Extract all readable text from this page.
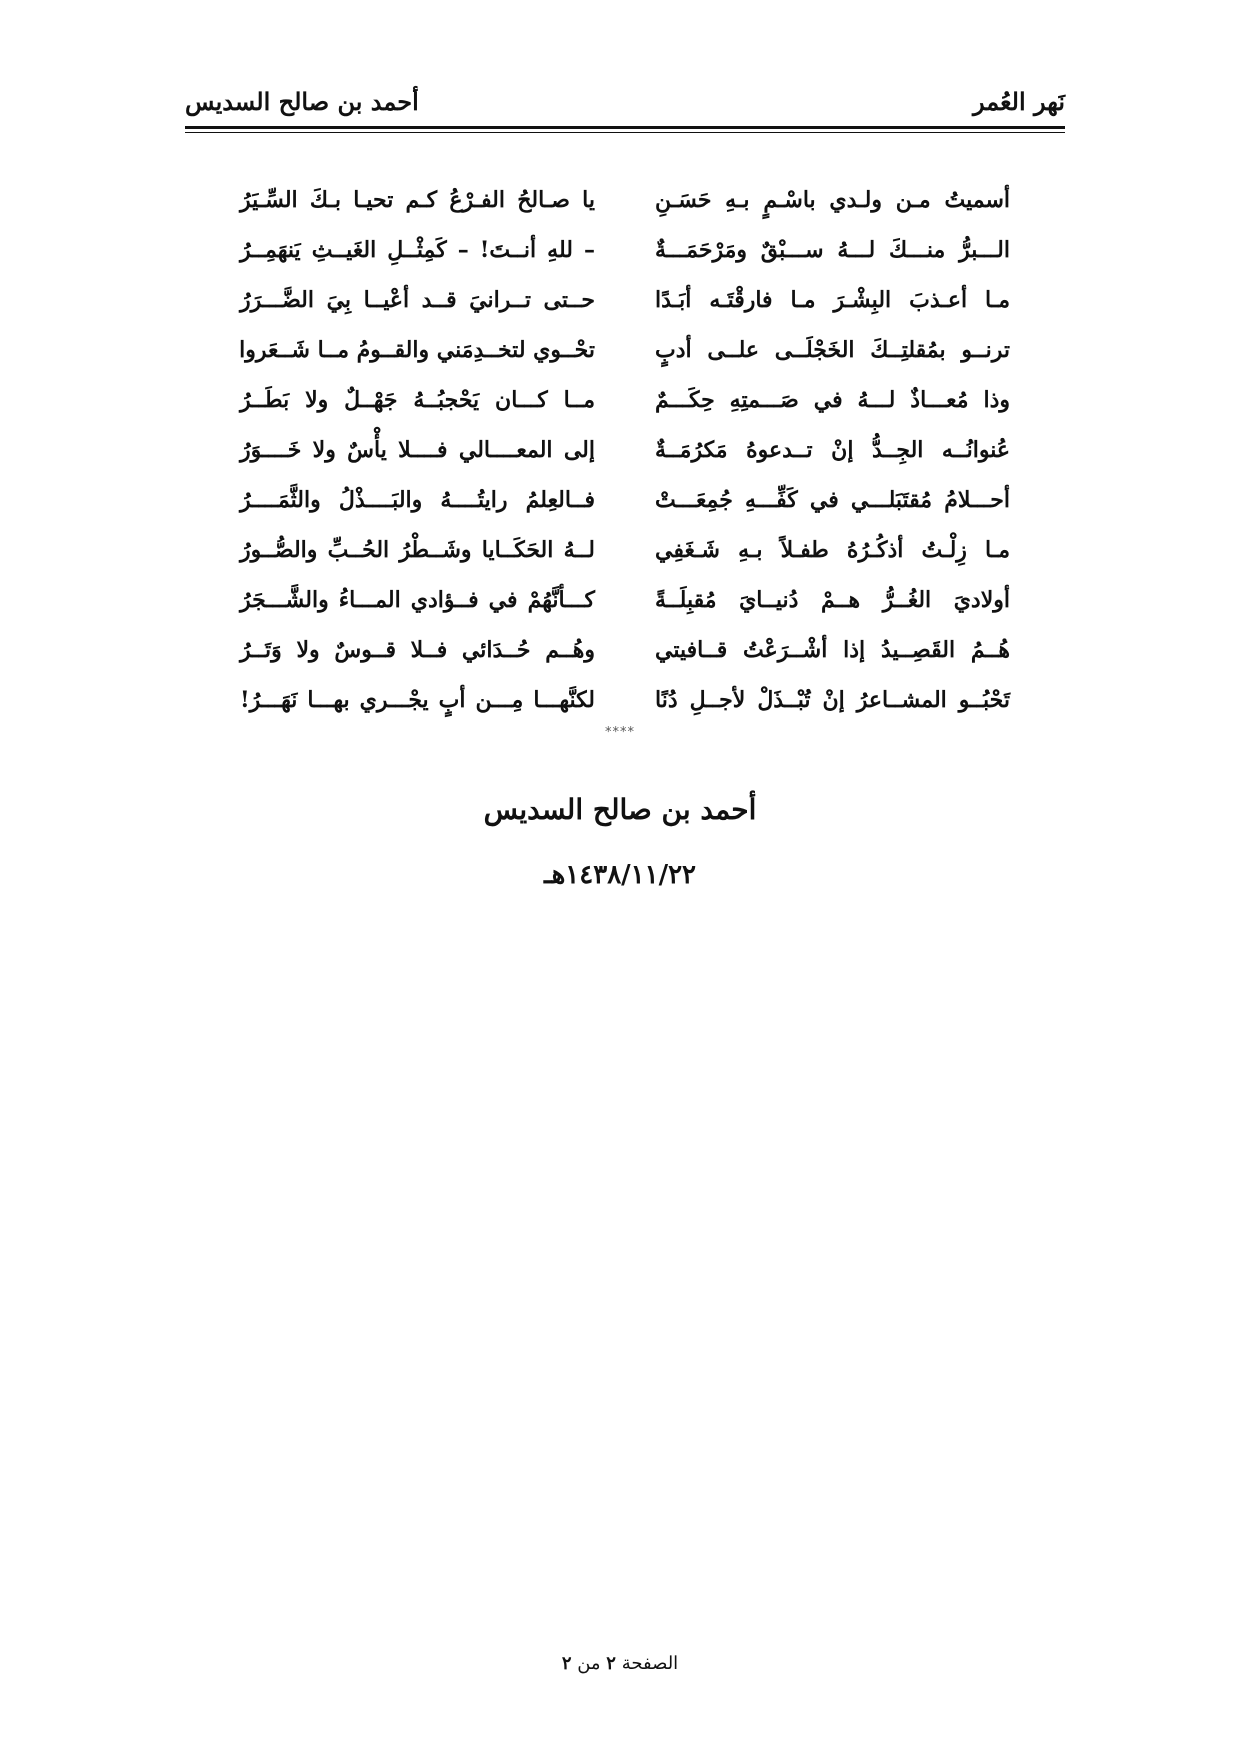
نَهر العُمر
أحمد بن صالح السديس
أسميتُ مـن ولـدي باسْـمٍ بـهِ حَسَـنِ
يا صـالحُ الفـرْعُ كـم تحيـا بـكَ السِّـيَرُ
الـــبرُّ منـــكَ لـــهُ ســـبْقٌ ومَرْحَمَـــةٌ
– للهِ أنــتَ! – كَمِثْــلِ الغَيــثِ يَنهَمِــرُ
مـا أعـذبَ البِشْـرَ مـا فارقْتَـه أبَـدًا
حــتى تــرانيَ قــد أعْيــا بِيَ الضَّـــرَرُ
ترنــو بمُقلتِــكَ الخَجْلَــى علــى أدبٍ
تحْــوي لتخــدِمَني والقــومُ مــا شَــعَروا
وذا مُعـــاذٌ لـــهُ في صَـــمتِهِ حِكَـــمٌ
مــا كـــان يَحْجبُــهُ جَهْــلٌ ولا بَطَــرُ
عُنوانُــه الجِــدُّ إنْ تــدعوهُ مَكرُمَــةٌ
إلى المعــــالي فــــلا يأْسٌ ولا خَــــوَرُ
أحـــلامُ مُقتَبَلـــي في كَفِّـــهِ جُمِعَـــتْ
فــالعِلمُ رايتُــــهُ والبَــــذْلُ والثَّمَــــرُ
مـا زِلْـتُ أذكُـرُهُ طفـلاً بـهِ شَـغَفِي
لــهُ الحَكَــايا وشَــطْرُ الحُــبِّ والصُّــورُ
أولاديَ الغُــرُّ هــمْ دُنيــايَ مُقبِلَــةً
كـــأنَّهُمْ في فــؤادي المـــاءُ والشَّـــجَرُ
هُــمُ القَصِــيدُ إذا أشْــرَعْتُ قــافيتي
وهُــم حُــدَائي فــلا قــوسٌ ولا وَتَــرُ
تَحْبُــو المشــاعرُ إنْ تُبْــذَلْ لأجــلِ دُنًا
لكنَّهـــا مِـــن أبٍ يجْـــري بهـــا نَهَـــرُ!
****
أحمد بن صالح السديس
١٤٣٨/١١/٢٢هـ
الصفحة ٢ من ٢
